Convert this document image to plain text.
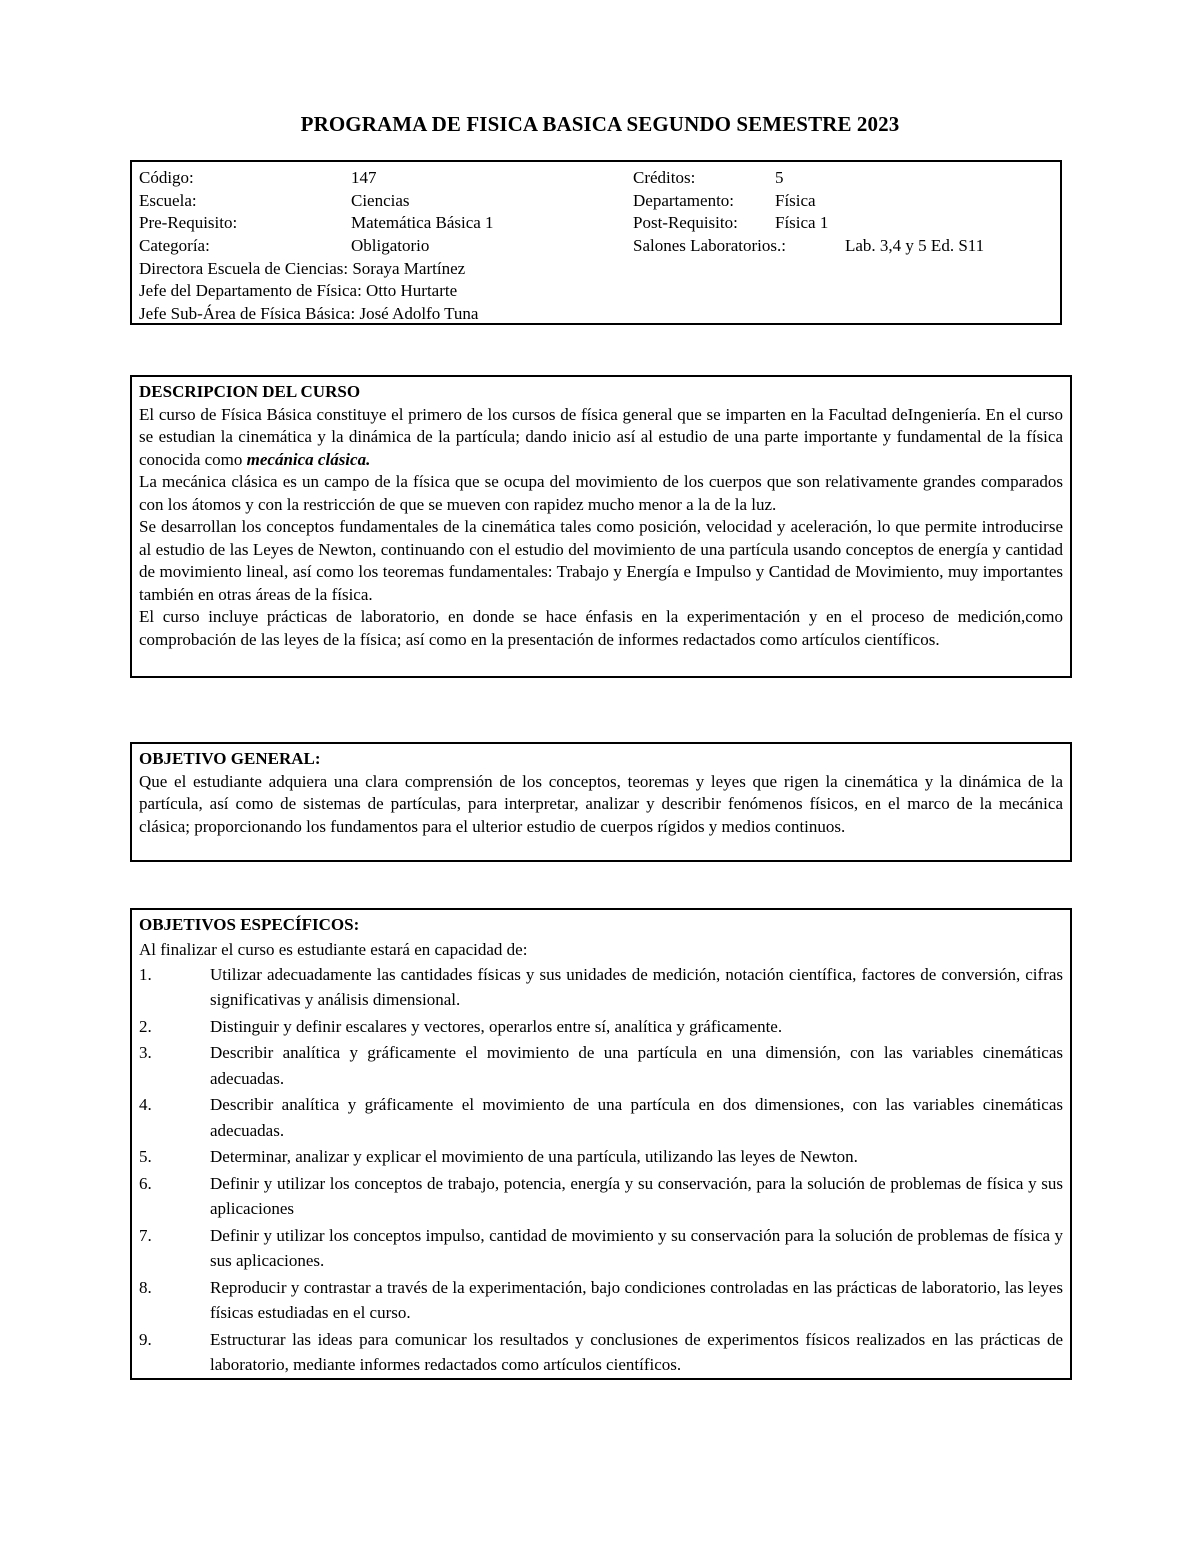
PROGRAMA DE FISICA BASICA SEGUNDO SEMESTRE 2023
Código:	147	Créditos:	5
Escuela:	Ciencias	Departamento: Física
Pre-Requisito:	Matemática Básica 1	Post-Requisito: Física 1
Categoría:	Obligatorio	Salones Laboratorios.:	Lab. 3,4 y 5 Ed. S11
Directora Escuela de Ciencias: Soraya Martínez
Jefe del Departamento de Física: Otto Hurtarte
Jefe Sub-Área de Física Básica: José Adolfo Tuna
DESCRIPCION DEL CURSO
El curso de Física Básica constituye el primero de los cursos de física general que se imparten en la Facultad deIngeniería. En el curso se estudian la cinemática y la dinámica de la partícula; dando inicio así al estudio de una parte importante y fundamental de la física conocida como mecánica clásica.
La mecánica clásica es un campo de la física que se ocupa del movimiento de los cuerpos que son relativamente grandes comparados con los átomos y con la restricción de que se mueven con rapidez mucho menor a la de la luz.
Se desarrollan los conceptos fundamentales de la cinemática tales como posición, velocidad y aceleración, lo que permite introducirse al estudio de las Leyes de Newton, continuando con el estudio del movimiento de una partícula usando conceptos de energía y cantidad de movimiento lineal, así como los teoremas fundamentales: Trabajo y Energía e Impulso y Cantidad de Movimiento, muy importantes también en otras áreas de la física.
El curso incluye prácticas de laboratorio, en donde se hace énfasis en la experimentación y en el proceso de medición,como comprobación de las leyes de la física; así como en la presentación de informes redactados como artículos científicos.
OBJETIVO GENERAL:
Que el estudiante adquiera una clara comprensión de los conceptos, teoremas y leyes que rigen la cinemática y la dinámica de la partícula, así como de sistemas de partículas, para interpretar, analizar y describir fenómenos físicos, en el marco de la mecánica clásica; proporcionando los fundamentos para el ulterior estudio de cuerpos rígidos y medios continuos.
OBJETIVOS ESPECÍFICOS:
Al finalizar el curso es estudiante estará en capacidad de:
1.	Utilizar adecuadamente las cantidades físicas y sus unidades de medición, notación científica, factores de conversión, cifras significativas y análisis dimensional.
2.	Distinguir y definir escalares y vectores, operarlos entre sí, analítica y gráficamente.
3.	Describir analítica y gráficamente el movimiento de una partícula en una dimensión, con las variables cinemáticas adecuadas.
4.	Describir analítica y gráficamente el movimiento de una partícula en dos dimensiones, con las variables cinemáticas adecuadas.
5.	Determinar, analizar y explicar el movimiento de una partícula, utilizando las leyes de Newton.
6.	Definir y utilizar los conceptos de trabajo, potencia, energía y su conservación, para la solución de problemas de física y sus aplicaciones
7.	Definir y utilizar los conceptos impulso, cantidad de movimiento y su conservación para la solución de problemas de física y sus aplicaciones.
8.	Reproducir y contrastar a través de la experimentación, bajo condiciones controladas en las prácticas de laboratorio, las leyes físicas estudiadas en el curso.
9.	Estructurar las ideas para comunicar los resultados y conclusiones de experimentos físicos realizados en las prácticas de laboratorio, mediante informes redactados como artículos científicos.
